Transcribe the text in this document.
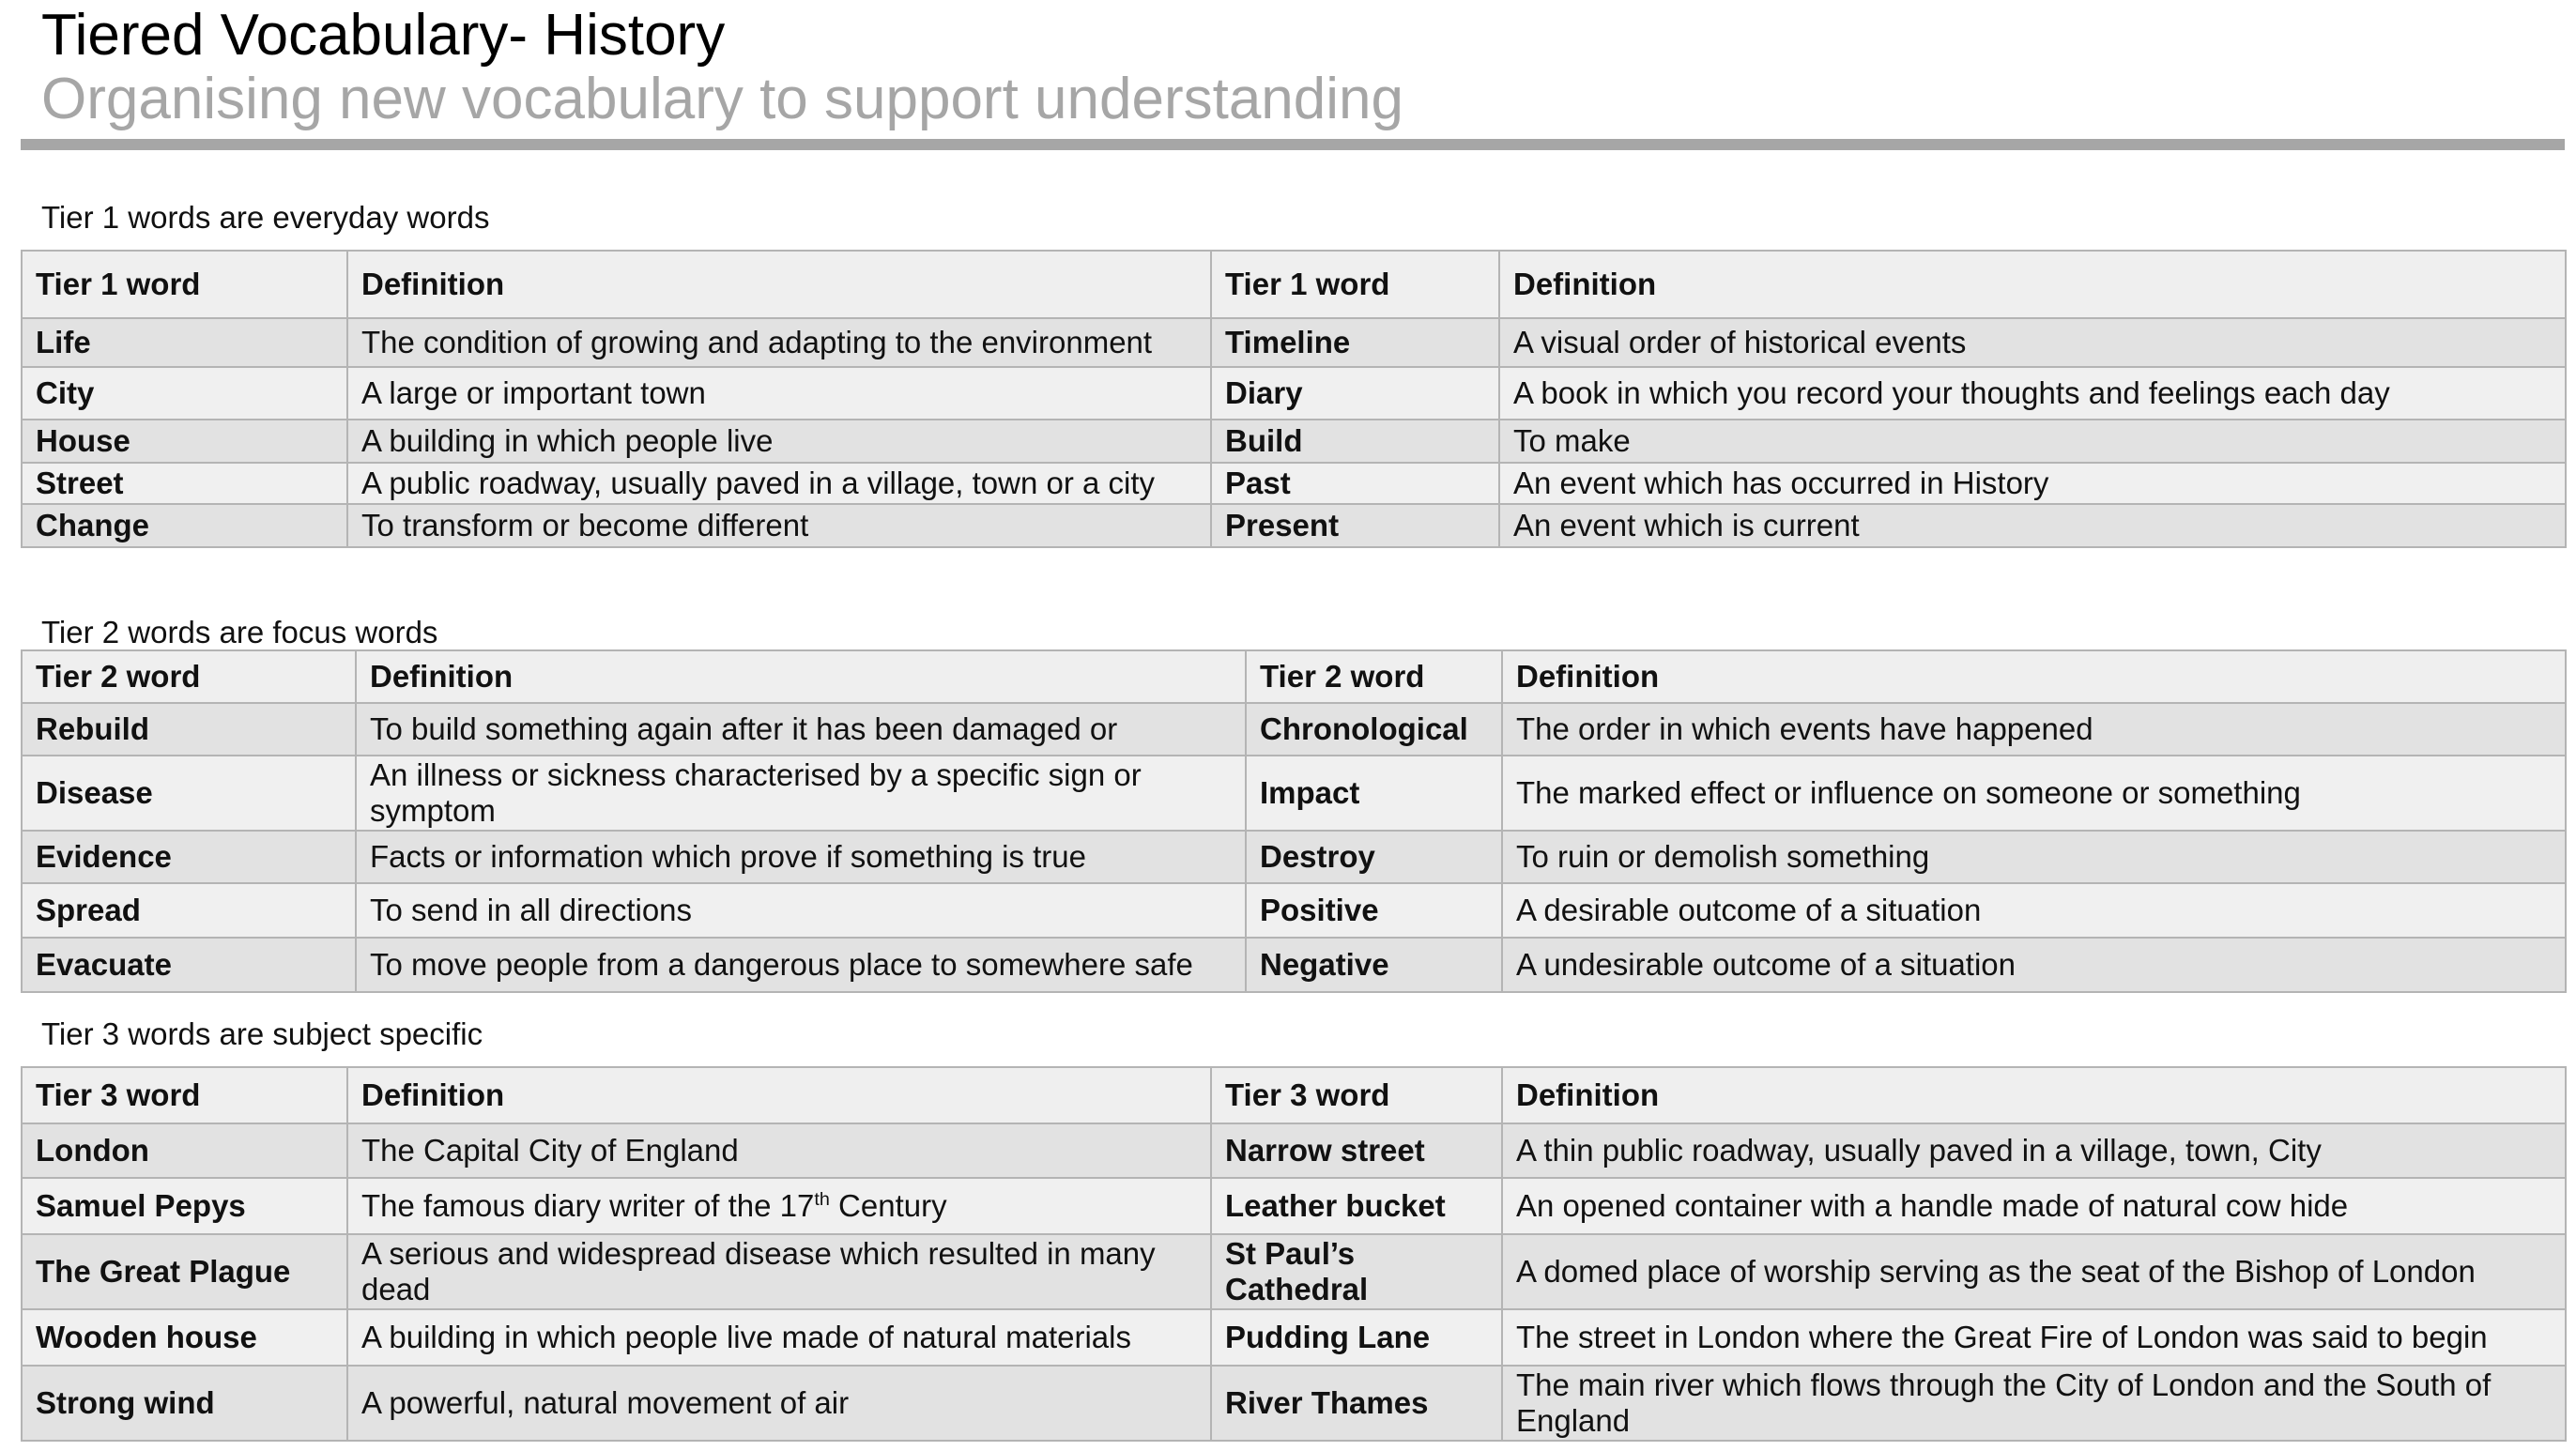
Tiered Vocabulary- History
Organising new vocabulary to support understanding
Tier 1 words are everyday words
Tier 1 word	Definition	Tier 1 word	Definition
Life	The condition of growing and adapting to the environment	Timeline	A visual order of historical events
City	A large or important town	Diary	A book in which you record your thoughts and feelings each day
House	A building in which people live	Build	To make
Street	A public roadway, usually paved in a village, town or a city	Past	An event which has occurred in History
Change	To transform or become different	Present	An event which is current
Tier 2 words are focus words
Tier 2 word	Definition	Tier 2 word	Definition
Rebuild	To build something again after it has been damaged or	Chronological	The order in which events have happened
Disease	An illness or sickness characterised by a specific sign or symptom	Impact	The marked effect or influence on someone or something
Evidence	Facts or information which prove if something is true	Destroy	To ruin or demolish something
Spread	To send in all directions	Positive	A desirable outcome of a situation
Evacuate	To move people from a dangerous place to somewhere safe	Negative	A undesirable outcome of a situation
Tier 3 words are subject specific
Tier 3 word	Definition	Tier 3 word	Definition
London	The Capital City of England	Narrow street	A thin public roadway, usually paved in a village, town, City
Samuel Pepys	The famous diary writer of the 17th Century	Leather bucket	An opened container with a handle made of natural cow hide
The Great Plague	A serious and widespread disease which resulted in many dead	St Paul’s Cathedral	A domed place of worship serving as the seat of the Bishop of London
Wooden house	A building in which people live made of natural materials	Pudding Lane	The street in London where the Great Fire of London was said to begin
Strong wind	A powerful, natural movement of air	River Thames	The main river which flows through the City of London and the South of England
